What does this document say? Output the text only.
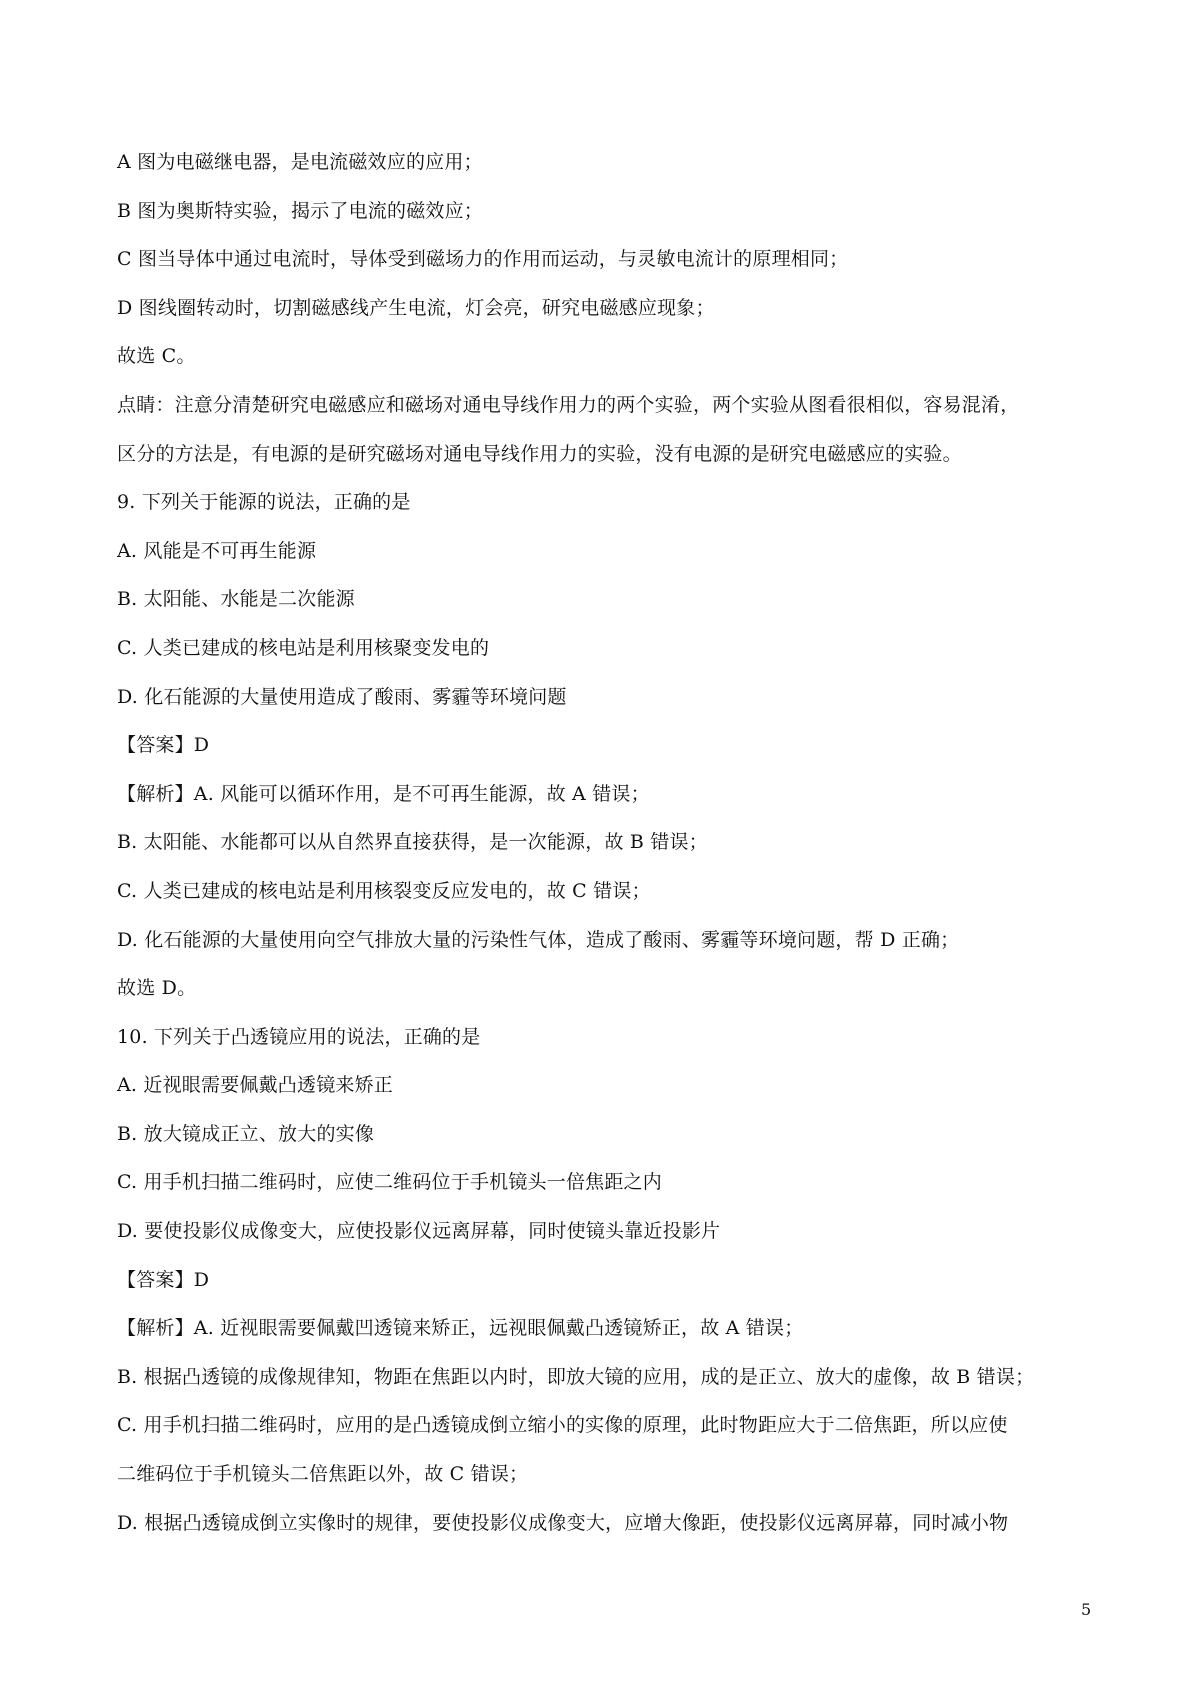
A 图为电磁继电器，是电流磁效应的应用；
B 图为奥斯特实验，揭示了电流的磁效应；
C 图当导体中通过电流时，导体受到磁场力的作用而运动，与灵敏电流计的原理相同；
D 图线圈转动时，切割磁感线产生电流，灯会亮，研究电磁感应现象；
故选 C。
点睛：注意分清楚研究电磁感应和磁场对通电导线作用力的两个实验，两个实验从图看很相似，容易混淆，
区分的方法是，有电源的是研究磁场对通电导线作用力的实验，没有电源的是研究电磁感应的实验。
9. 下列关于能源的说法，正确的是
A. 风能是不可再生能源
B. 太阳能、水能是二次能源
C. 人类已建成的核电站是利用核聚变发电的
D. 化石能源的大量使用造成了酸雨、雾霾等环境问题
【答案】D
【解析】A. 风能可以循环作用，是不可再生能源，故 A 错误；
B. 太阳能、水能都可以从自然界直接获得，是一次能源，故 B 错误；
C. 人类已建成的核电站是利用核裂变反应发电的，故 C 错误；
D. 化石能源的大量使用向空气排放大量的污染性气体，造成了酸雨、雾霾等环境问题，帮 D 正确；
故选 D。
10. 下列关于凸透镜应用的说法，正确的是
A. 近视眼需要佩戴凸透镜来矫正
B. 放大镜成正立、放大的实像
C. 用手机扫描二维码时，应使二维码位于手机镜头一倍焦距之内
D. 要使投影仪成像变大，应使投影仪远离屏幕，同时使镜头靠近投影片
【答案】D
【解析】A. 近视眼需要佩戴凹透镜来矫正，远视眼佩戴凸透镜矫正，故 A 错误；
B. 根据凸透镜的成像规律知，物距在焦距以内时，即放大镜的应用，成的是正立、放大的虚像，故 B 错误；
C. 用手机扫描二维码时，应用的是凸透镜成倒立缩小的实像的原理，此时物距应大于二倍焦距，所以应使
二维码位于手机镜头二倍焦距以外，故 C 错误；
D. 根据凸透镜成倒立实像时的规律，要使投影仪成像变大，应增大像距，使投影仪远离屏幕，同时减小物
5
